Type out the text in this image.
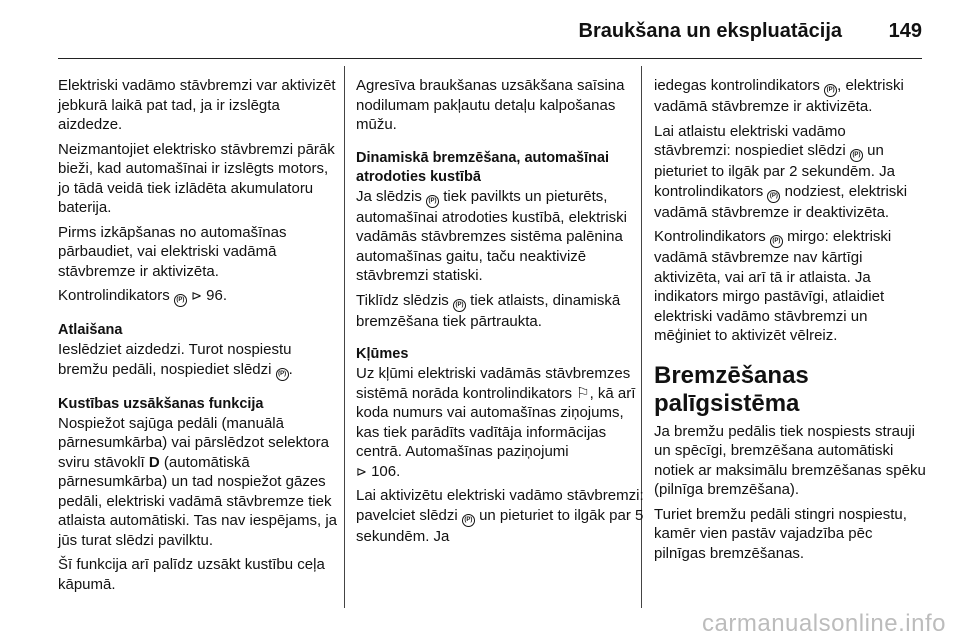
Braukšana un ekspluatācija 149

Elektriski vadāmo stāvbremzi var aktivizēt jebkurā laikā pat tad, ja ir izslēgta aizdedze.

Neizmantojiet elektrisko stāvbremzi pārāk bieži, kad automašīnai ir izslēgts motors, jo tādā veidā tiek izlādēta akumulatoru baterija.

Pirms izkāpšanas no automašīnas pārbaudiet, vai elektriski vadāmā stāvbremze ir aktivizēta.

Kontrolindikators (P) ⊳ 96.

Atlaišana

Ieslēdziet aizdedzi. Turot nospiestu bremžu pedāli, nospiediet slēdzi (P) .

Kustības uzsākšanas funkcija

Nospiežot sajūga pedāli (manuālā pārnesumkārba) vai pārslēdzot selektora sviru stāvoklī D (automātiskā pārnesumkārba) un tad nospiežot gāzes pedāli, elektriski vadāmā stāvbremze tiek atlaista automātiski. Tas nav iespējams, ja jūs turat slēdzi pavilktu.

Šī funkcija arī palīdz uzsākt kustību ceļa kāpumā.

Agresīva braukšanas uzsākšana saīsina nodilumam pakļautu detaļu kalpošanas mūžu.

Dinamiskā bremzēšana, automašīnai atrodoties kustībā

Ja slēdzis (P) tiek pavilkts un pieturēts, automašīnai atrodoties kustībā, elektriski vadāmās stāvbremzes sistēma palēnina automašīnas gaitu, taču neaktivizē stāvbremzi statiski.

Tiklīdz slēdzis (P) tiek atlaists, dinamiskā bremzēšana tiek pārtraukta.

Kļūmes

Uz kļūmi elektriski vadāmās stāvbremzes sistēmā norāda kontrolindikators ⚐, kā arī koda numurs vai automašīnas ziņojums, kas tiek parādīts vadītāja informācijas centrā. Automašīnas paziņojumi
⊳ 106.

Lai aktivizētu elektriski vadāmo stāvbremzi: pavelciet slēdzi (P) un pieturiet to ilgāk par 5 sekundēm. Ja

iedegas kontrolindikators (P) , elektriski vadāmā stāvbremze ir aktivizēta.

Lai atlaistu elektriski vadāmo stāvbremzi: nospiediet slēdzi (P) un pieturiet to ilgāk par 2 sekundēm. Ja kontrolindikators (P) nodziest, elektriski vadāmā stāvbremze ir deaktivizēta.

Kontrolindikators (P) mirgo: elektriski vadāmā stāvbremze nav kārtīgi aktivizēta, vai arī tā ir atlaista. Ja indikators mirgo pastāvīgi, atlaidiet elektriski vadāmo stāvbremzi un mēģiniet to aktivizēt vēlreiz.

Bremzēšanas palīgsistēma

Ja bremžu pedālis tiek nospiests strauji un spēcīgi, bremzēšana automātiski notiek ar maksimālu bremzēšanas spēku (pilnīga bremzēšana).

Turiet bremžu pedāli stingri nospiestu, kamēr vien pastāv vajadzība pēc pilnīgas bremzēšanas.

carmanualsonline.info
